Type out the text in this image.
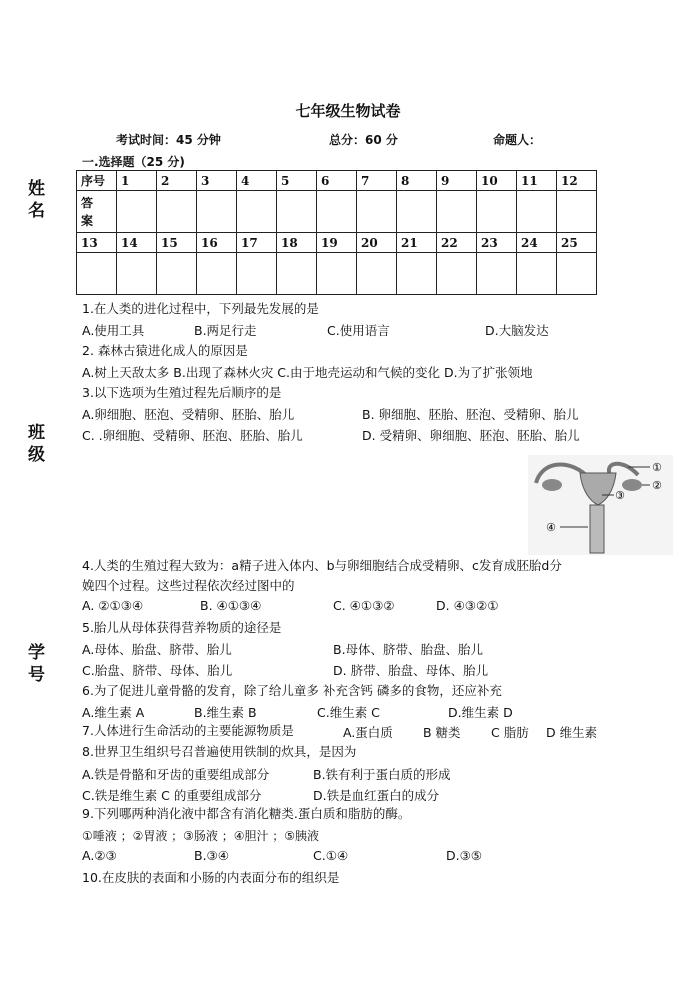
七年级生物试卷
考试时间：45 分钟	总分：60 分	命题人：
一.选择题（25 分)
姓
名
班
级
学
号
序号	1	2	3	4	5	6	7	8	9	10	11	12

答案												

13	14	15	16	17	18	19	20	21	22	23	24	25

1.在人类的进化过程中，下列最先发展的是
A.使用工具	B.两足行走	C.使用语言	D.大脑发达
2. 森林古猿进化成人的原因是
A.树上天敌太多 B.出现了森林火灾 C.由于地壳运动和气候的变化 D.为了扩张领地
3.以下选项为生殖过程先后顺序的是
A.卵细胞、胚泡、受精卵、胚胎、胎儿	B. 卵细胞、胚胎、胚泡、受精卵、胎儿
C. .卵细胞、受精卵、胚泡、胚胎、胎儿	D. 受精卵、卵细胞、胚泡、胚胎、胎儿
①
②
③
④
4.人类的生殖过程大致为：a精子进入体内、b与卵细胞结合成受精卵、c发育成胚胎d分
娩四个过程。这些过程依次经过图中的
A. ②①③④	B. ④①③④	C. ④①③②	D. ④③②①
5.胎儿从母体获得营养物质的途径是
A.母体、胎盘、脐带、胎儿	B.母体、脐带、胎盘、胎儿
C.胎盘、脐带、母体、胎儿	D. 脐带、胎盘、母体、胎儿
6.为了促进儿童骨骼的发育，除了给儿童多 补充含钙 磷多的食物，还应补充
A.维生素 A	B.维生素 B	C.维生素 C	D.维生素 D
7.人体进行生命活动的主要能源物质是	A.蛋白质 B 糖类 C 脂肪 D 维生素
8.世界卫生组织号召普遍使用铁制的炊具，是因为
A.铁是骨骼和牙齿的重要组成部分	B.铁有利于蛋白质的形成
C.铁是维生素 C 的重要组成部分	D.铁是血红蛋白的成分
9.下列哪两种消化液中都含有消化糖类.蛋白质和脂肪的酶。
①唾液 ；②胃液 ；③肠液 ；④胆汁 ；⑤胰液
A.②③	B.③④	C.①④	D.③⑤
10.在皮肤的表面和小肠的内表面分布的组织是
